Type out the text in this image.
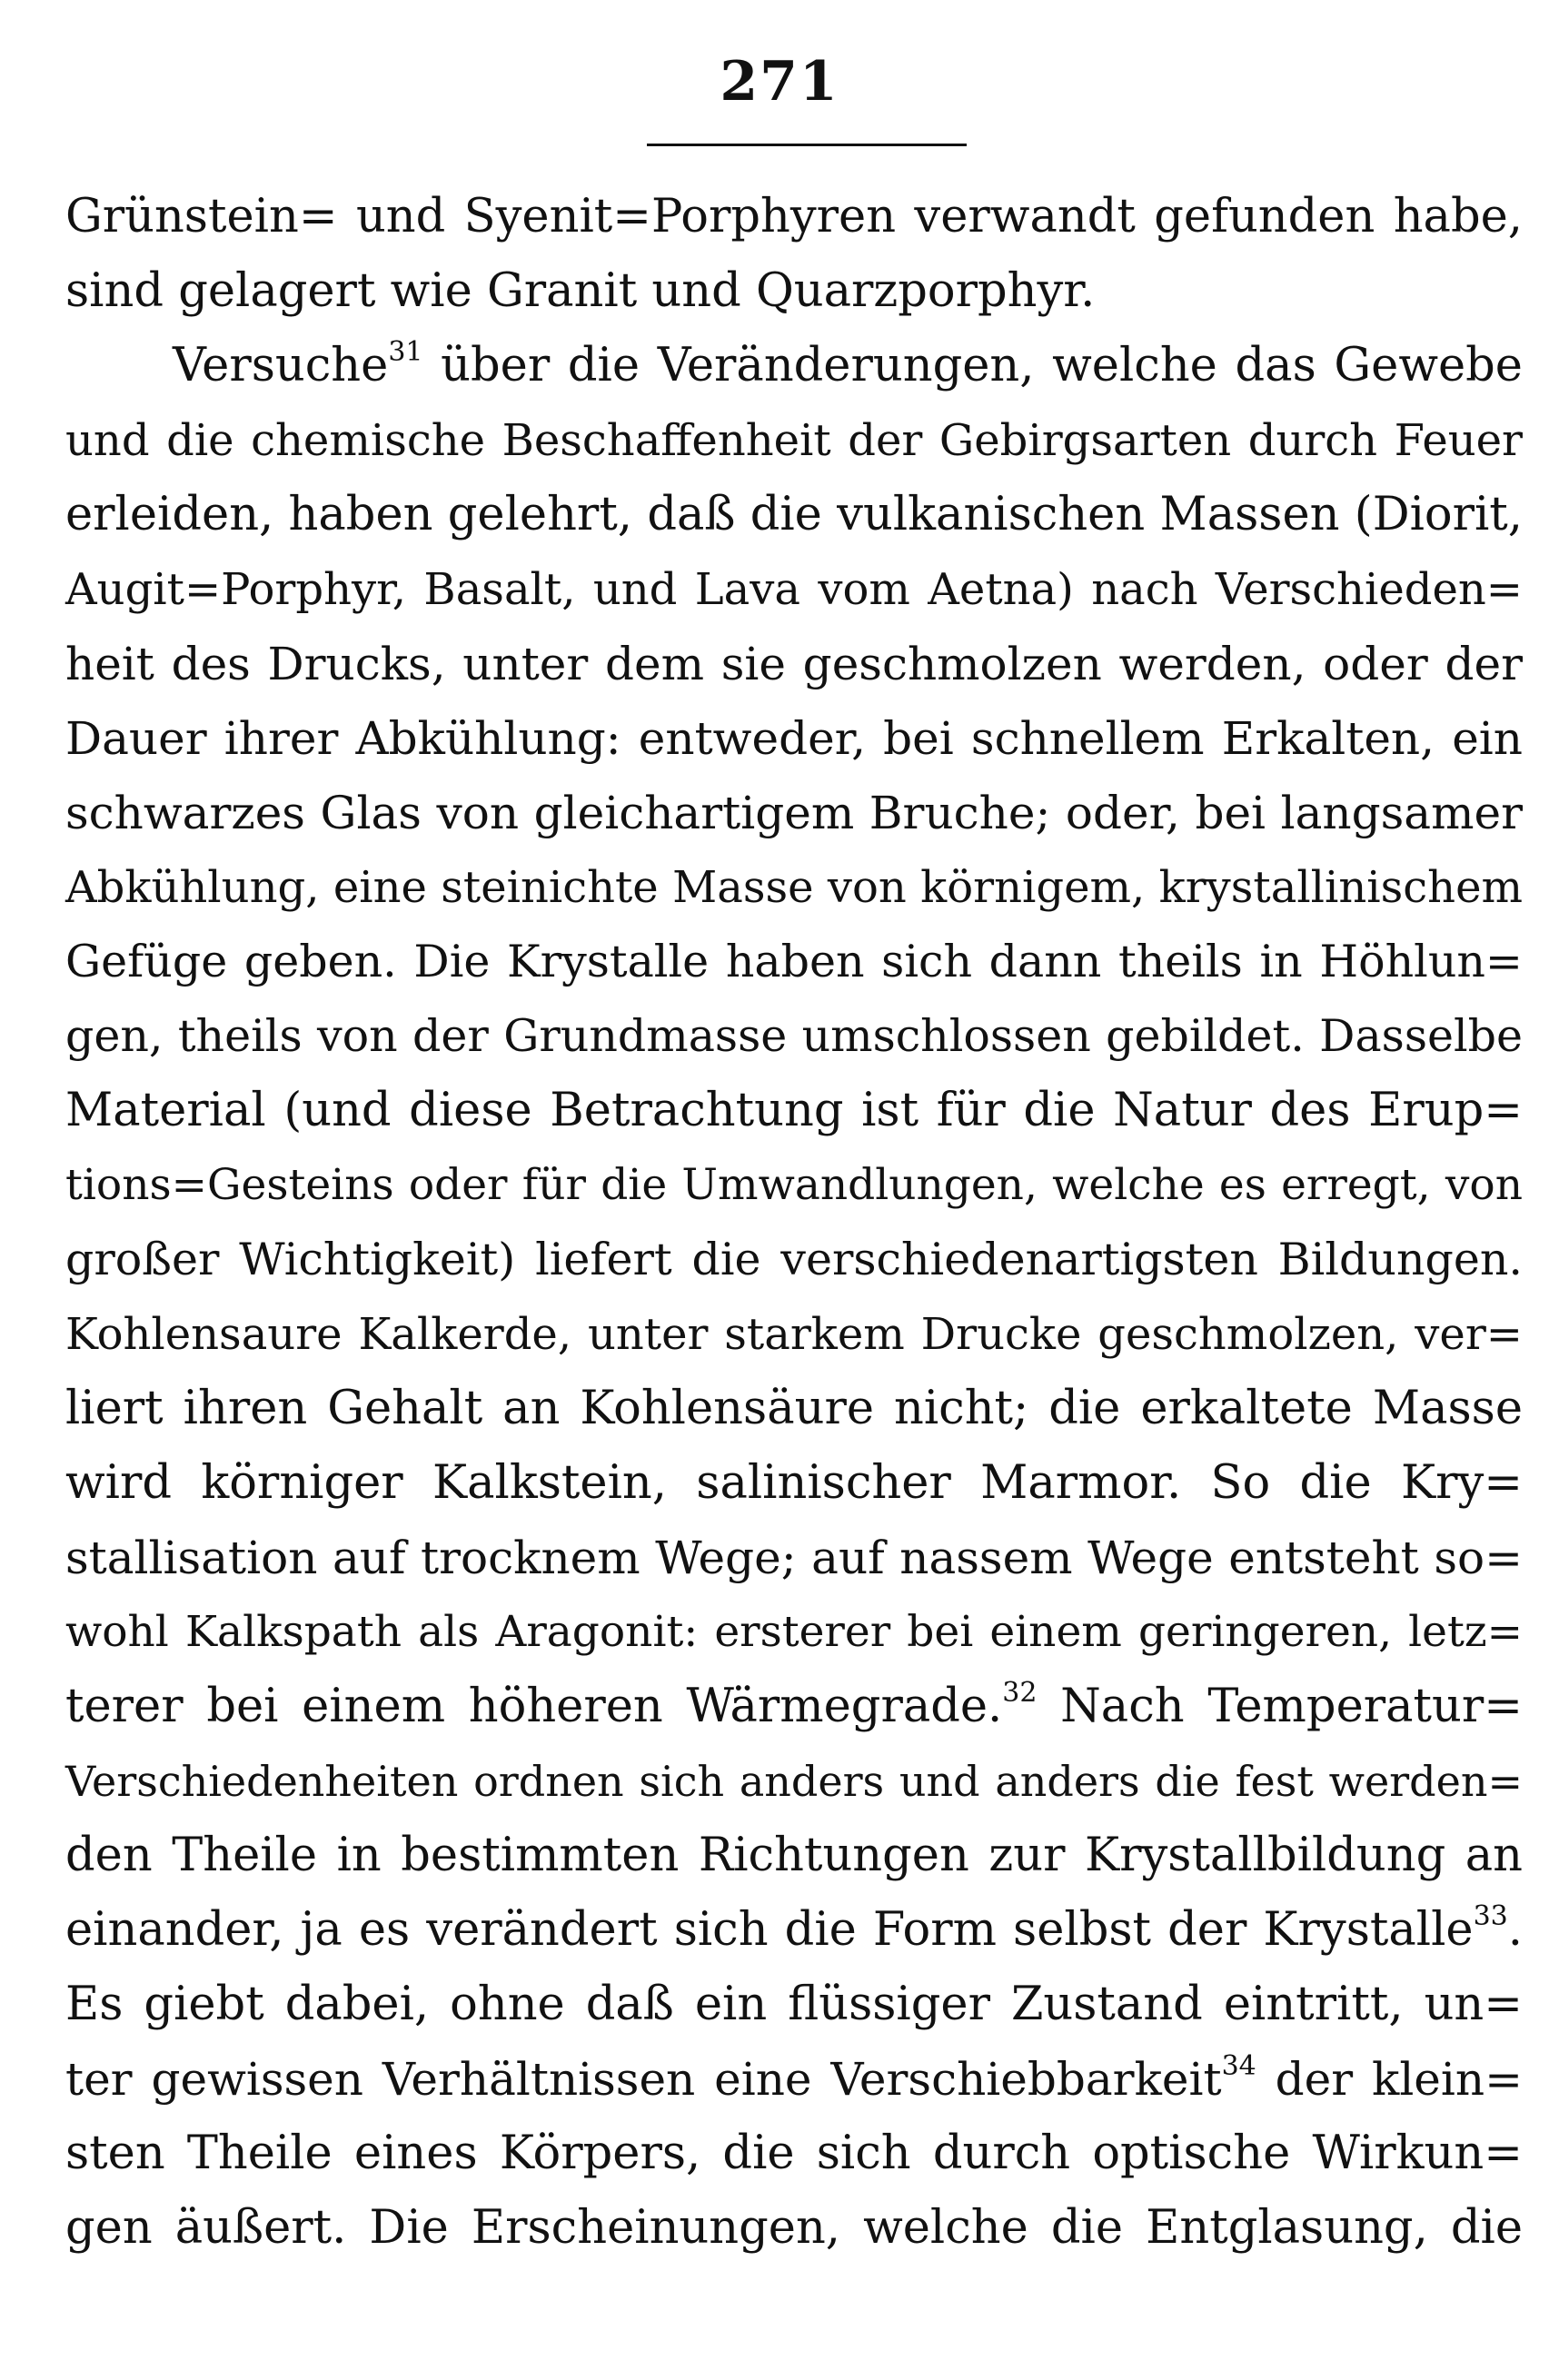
271
Grünstein= und Syenit=Porphyren verwandt gefunden habe,
sind gelagert wie Granit und Quarzporphyr.
Versuche$^{31}$ über die Veränderungen, welche das Gewebe
und die chemische Beschaffenheit der Gebirgsarten durch Feuer
erleiden, haben gelehrt, daß die vulkanischen Massen (Diorit,
Augit=Porphyr, Basalt, und Lava vom Aetna) nach Verschieden=
heit des Drucks, unter dem sie geschmolzen werden, oder der
Dauer ihrer Abkühlung: entweder, bei schnellem Erkalten, ein
schwarzes Glas von gleichartigem Bruche; oder, bei langsamer
Abkühlung, eine steinichte Masse von körnigem, krystallinischem
Gefüge geben. Die Krystalle haben sich dann theils in Höhlun=
gen, theils von der Grundmasse umschlossen gebildet. Dasselbe
Material (und diese Betrachtung ist für die Natur des Erup=
tions=Gesteins oder für die Umwandlungen, welche es erregt, von
großer Wichtigkeit) liefert die verschiedenartigsten Bildungen.
Kohlensaure Kalkerde, unter starkem Drucke geschmolzen, ver=
liert ihren Gehalt an Kohlensäure nicht; die erkaltete Masse
wird körniger Kalkstein, salinischer Marmor. So die Kry=
stallisation auf trocknem Wege; auf nassem Wege entsteht so=
wohl Kalkspath als Aragonit: ersterer bei einem geringeren, letz=
terer bei einem höheren Wärmegrade.$^{32}$ Nach Temperatur=
Verschiedenheiten ordnen sich anders und anders die fest werden=
den Theile in bestimmten Richtungen zur Krystallbildung an
einander, ja es verändert sich die Form selbst der Krystalle$^{33}$.
Es giebt dabei, ohne daß ein flüssiger Zustand eintritt, un=
ter gewissen Verhältnissen eine Verschiebbarkeit$^{34}$ der klein=
sten Theile eines Körpers, die sich durch optische Wirkun=
gen äußert. Die Erscheinungen, welche die Entglasung, die
